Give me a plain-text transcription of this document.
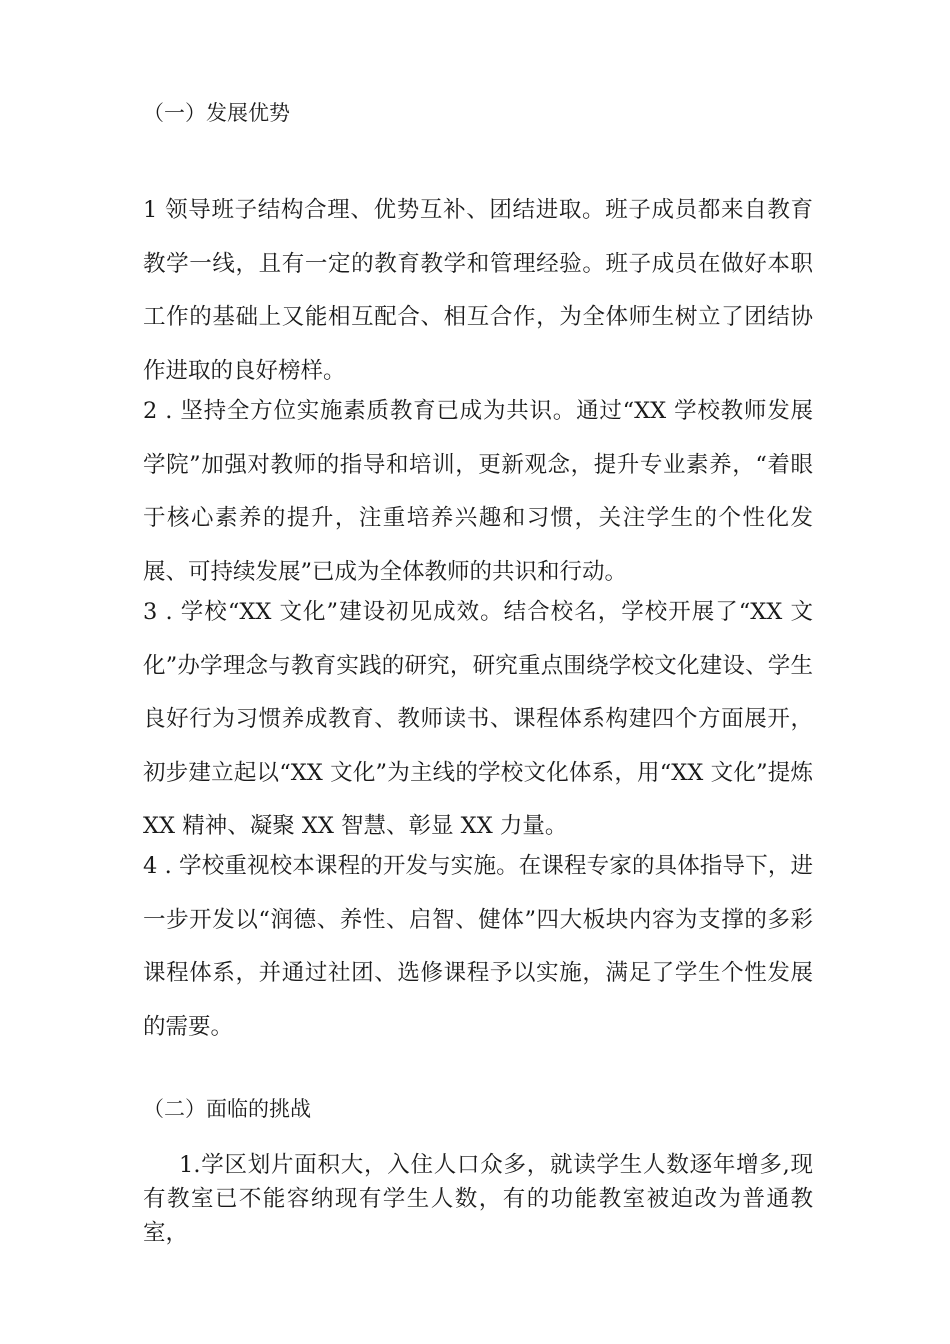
（一）发展优势

1 领导班子结构合理、优势互补、团结进取。班子成员都来自教育教学一线，且有一定的教育教学和管理经验。班子成员在做好本职工作的基础上又能相互配合、相互合作，为全体师生树立了团结协作进取的良好榜样。

2 . 坚持全方位实施素质教育已成为共识。通过“XX 学校教师发展学院”加强对教师的指导和培训，更新观念，提升专业素养，“着眼于核心素养的提升，注重培养兴趣和习惯，关注学生的个性化发展、可持续发展”已成为全体教师的共识和行动。

3 . 学校“XX 文化”建设初见成效。结合校名，学校开展了“XX 文化”办学理念与教育实践的研究，研究重点围绕学校文化建设、学生良好行为习惯养成教育、教师读书、课程体系构建四个方面展开，初步建立起以“XX 文化”为主线的学校文化体系，用“XX 文化”提炼XX 精神、凝聚 XX 智慧、彰显 XX 力量。

4 . 学校重视校本课程的开发与实施。在课程专家的具体指导下，进一步开发以“润德、养性、启智、健体”四大板块内容为支撑的多彩课程体系，并通过社团、选修课程予以实施，满足了学生个性发展的需要。

（二）面临的挑战

1.学区划片面积大，入住人口众多，就读学生人数逐年增多,现有教室已不能容纳现有学生人数，有的功能教室被迫改为普通教室，
